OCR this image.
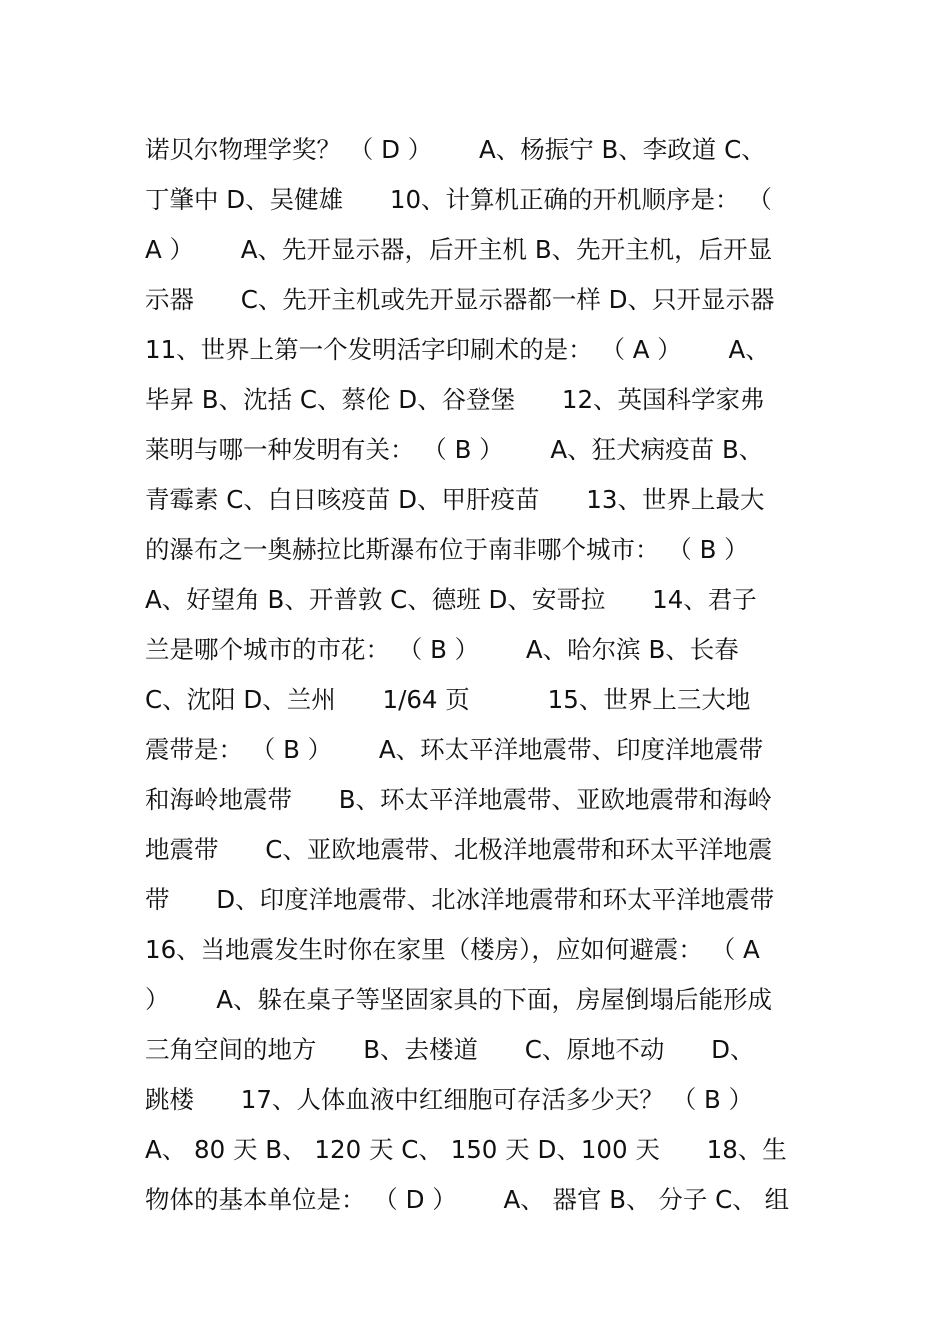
诺贝尔物理学奖？ （ D ）      A、杨振宁 B、李政道 C、
丁肇中 D、吴健雄      10、计算机正确的开机顺序是： （
A ）      A、先开显示器，后开主机 B、先开主机，后开显
示器      C、先开主机或先开显示器都一样 D、只开显示器
11、世界上第一个发明活字印刷术的是： （ A ）      A、
毕昇 B、沈括 C、蔡伦 D、谷登堡      12、英国科学家弗
莱明与哪一种发明有关： （ B ）      A、狂犬病疫苗 B、
青霉素 C、白日咳疫苗 D、甲肝疫苗      13、世界上最大
的瀑布之一奥赫拉比斯瀑布位于南非哪个城市： （ B ）
A、好望角 B、开普敦 C、德班 D、安哥拉      14、君子
兰是哪个城市的市花： （ B ）      A、哈尔滨 B、长春
C、沈阳 D、兰州      1/64 页          15、世界上三大地
震带是： （ B ）      A、环太平洋地震带、印度洋地震带
和海岭地震带      B、环太平洋地震带、亚欧地震带和海岭
地震带      C、亚欧地震带、北极洋地震带和环太平洋地震
带      D、印度洋地震带、北冰洋地震带和环太平洋地震带
16、当地震发生时你在家里（楼房），应如何避震： （ A
）      A、躲在桌子等坚固家具的下面，房屋倒塌后能形成
三角空间的地方      B、去楼道      C、原地不动      D、
跳楼      17、人体血液中红细胞可存活多少天？ （ B ）
A、 80 天 B、 120 天 C、 150 天 D、100 天      18、生
物体的基本单位是： （ D ）      A、 器官 B、 分子 C、 组
